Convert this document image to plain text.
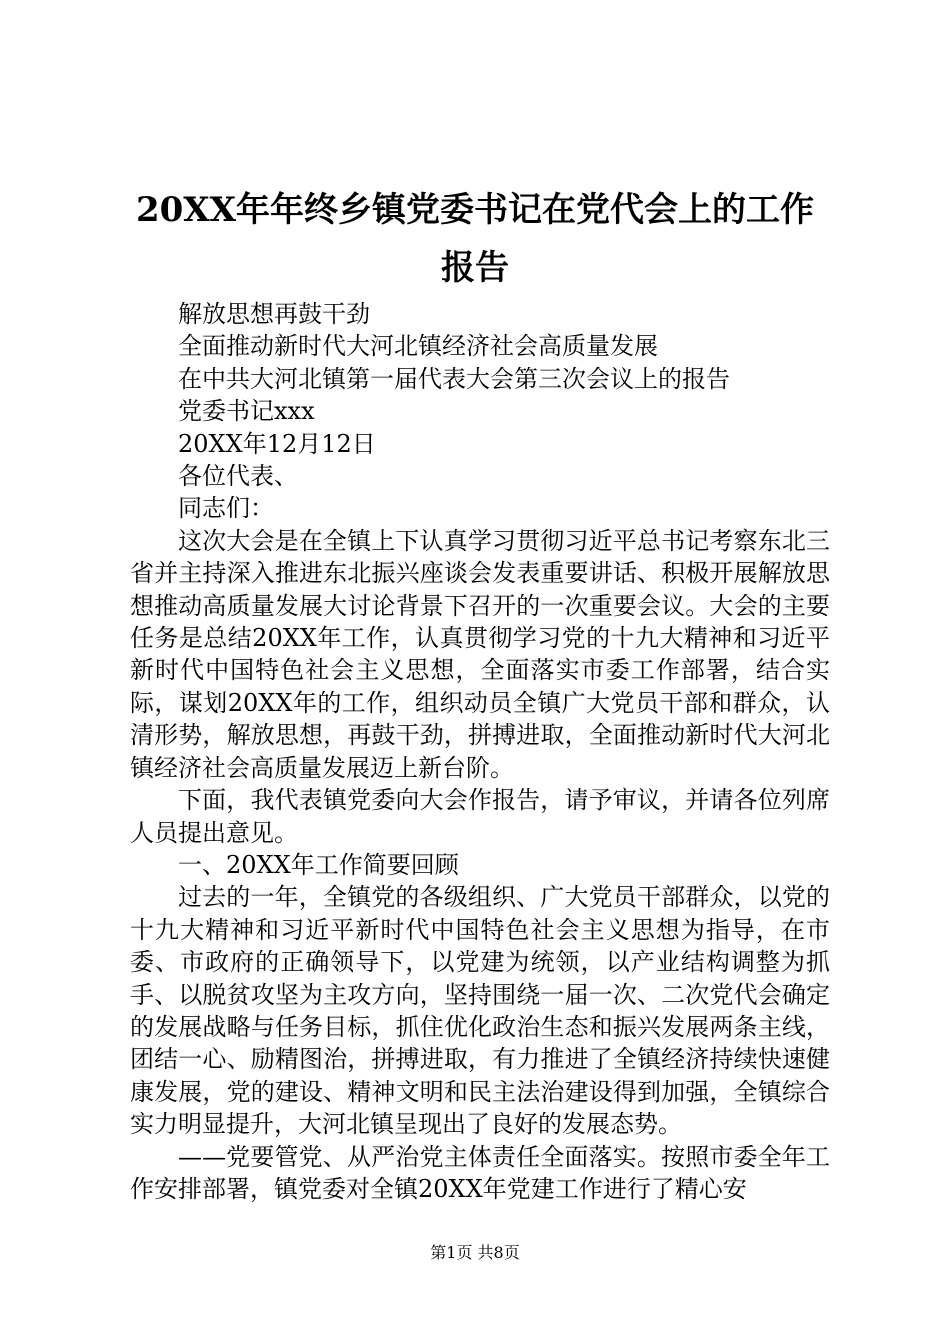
20XX年年终乡镇党委书记在党代会上的工作
报告

解放思想再鼓干劲

全面推动新时代大河北镇经济社会高质量发展

在中共大河北镇第一届代表大会第三次会议上的报告

党委书记xxx

20XX年12月12日

各位代表、

同志们：

这次大会是在全镇上下认真学习贯彻习近平总书记考察东北三省并主持深入推进东北振兴座谈会发表重要讲话、积极开展解放思想推动高质量发展大讨论背景下召开的一次重要会议。大会的主要任务是总结20XX年工作，认真贯彻学习党的十九大精神和习近平新时代中国特色社会主义思想，全面落实市委工作部署，结合实际，谋划20XX年的工作，组织动员全镇广大党员干部和群众，认清形势，解放思想，再鼓干劲，拼搏进取，全面推动新时代大河北镇经济社会高质量发展迈上新台阶。

下面，我代表镇党委向大会作报告，请予审议，并请各位列席人员提出意见。

一、20XX年工作简要回顾

过去的一年，全镇党的各级组织、广大党员干部群众，以党的十九大精神和习近平新时代中国特色社会主义思想为指导，在市委、市政府的正确领导下，以党建为统领，以产业结构调整为抓手、以脱贫攻坚为主攻方向，坚持围绕一届一次、二次党代会确定的发展战略与任务目标，抓住优化政治生态和振兴发展两条主线，团结一心、励精图治，拼搏进取，有力推进了全镇经济持续快速健康发展，党的建设、精神文明和民主法治建设得到加强，全镇综合实力明显提升，大河北镇呈现出了良好的发展态势。

——党要管党、从严治党主体责任全面落实。按照市委全年工作安排部署，镇党委对全镇20XX年党建工作进行了精心安

第1页 共8页
